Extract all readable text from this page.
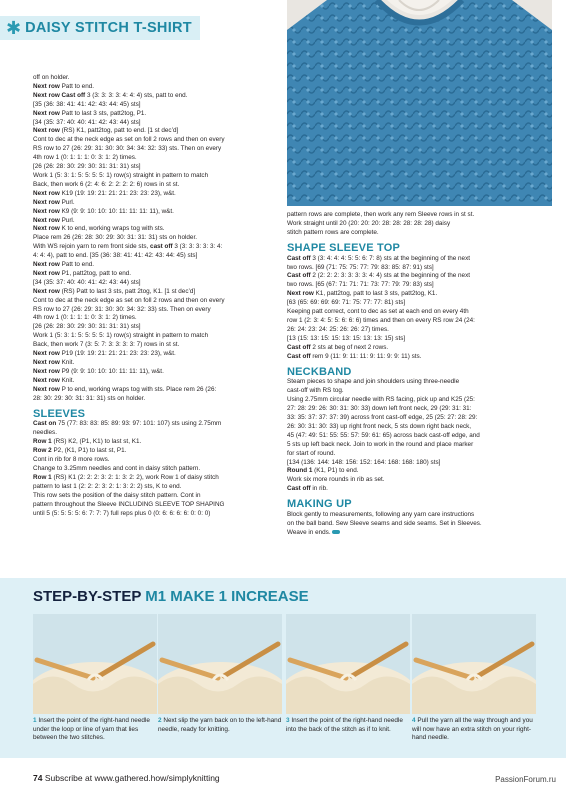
✱ DAISY STITCH T-SHIRT

off on holder.

Next row Patt to end.

Next row Cast off 3 (3: 3: 3: 3: 4: 4: 4) sts, patt to end.

[35 (36: 38: 41: 41: 42: 43: 44: 45) sts]

Next row Patt to last 3 sts, patt2tog, P1.

[34 (35: 37: 40: 40: 41: 42: 43: 44) sts]

Next row (RS) K1, patt2tog, patt to end. [1 st dec’d]

Cont to dec at the neck edge as set on foll 2 rows and then on every

RS row to 27 (26: 29: 31: 30: 30: 34: 34: 32: 33) sts. Then on every

4th row 1 (0: 1: 1: 1: 0: 3: 1: 2) times.

[26 (26: 28: 30: 29: 30: 31: 31: 31) sts]

Work 1 (5: 3: 1: 5: 5: 5: 5: 1) row(s) straight in pattern to match

Back, then work 6 (2: 4: 6: 2: 2: 2: 2: 6) rows in st st.

Next row K19 (19: 19: 21: 21: 21: 23: 23: 23), w&t.

Next row Purl.

Next row K9 (9: 9: 10: 10: 10: 11: 11: 11: 11), w&t.

Next row Purl.

Next row K to end, working wraps tog with sts.

Place rem 26 (26: 28: 30: 29: 30: 31: 31: 31) sts on holder.

With WS rejoin yarn to rem front side sts, cast off 3 (3: 3: 3: 3: 3: 4:

4: 4: 4), patt to end. [35 (36: 38: 41: 41: 42: 43: 44: 45) sts]

Next row Patt to end.

Next row P1, patt2tog, patt to end.

[34 (35: 37: 40: 40: 41: 42: 43: 44) sts]

Next row (RS) Patt to last 3 sts, patt 2tog, K1. [1 st dec’d]

Cont to dec at the neck edge as set on foll 2 rows and then on every

RS row to 27 (26: 29: 31: 30: 30: 34: 32: 33) sts. Then on every

4th row 1 (0: 1: 1: 1: 0: 3: 1: 2) times.

[26 (26: 28: 30: 29: 30: 31: 31: 31) sts]

Work 1 (5: 3: 1: 5: 5: 5: 5: 1) row(s) straight in pattern to match

Back, then work 7 (3: 5: 7: 3: 3: 3: 3: 7) rows in st st.

Next row P19 (19: 19: 21: 21: 21: 23: 23: 23), w&t.

Next row Knit.

Next row P9 (9: 9: 10: 10: 10: 11: 11: 11), w&t.

Next row Knit.

Next row P to end, working wraps tog with sts. Place rem 26 (26:

28: 30: 29: 30: 31: 31: 31) sts on holder.

SLEEVES

Cast on 75 (77: 83: 83: 85: 89: 93: 97: 101: 107) sts using 2.75mm

needles.

Row 1 (RS) K2, (P1, K1) to last st, K1.

Row 2 P2, (K1, P1) to last st, P1.

Cont in rib for 8 more rows.

Change to 3.25mm needles and cont in daisy stitch pattern.

Row 1 (RS) K1 (2: 2: 2: 3: 2: 1: 3: 2: 2), work Row 1 of daisy stitch

pattern to last 1 (2: 2: 2: 3: 2: 1: 3: 2: 2) sts, K to end.

This row sets the position of the daisy stitch pattern. Cont in

pattern throughout the Sleeve INCLUDING SLEEVE TOP SHAPING

until 5 (5: 5: 5: 5: 6: 7: 7: 7) full reps plus 0 (0: 6: 6: 6: 6: 0: 0: 0)

pattern rows are complete, then work any rem Sleeve rows in st st.

Work straight until 20 (20: 20: 20: 28: 28: 28: 28: 28) daisy

stitch pattern rows are complete.

SHAPE SLEEVE TOP

Cast off 3 (3: 4: 4: 4: 5: 5: 6: 7: 8) sts at the beginning of the next

two rows. [69 (71: 75: 75: 77: 79: 83: 85: 87: 91) sts]

Cast off 2 (2: 2: 2: 3: 3: 3: 3: 4: 4) sts at the beginning of the next

two rows. [65 (67: 71: 71: 71: 73: 77: 79: 79: 83) sts]

Next row K1, patt2tog, patt to last 3 sts, patt2tog, K1.

[63 (65: 69: 69: 69: 71: 75: 77: 77: 81) sts]

Keeping patt correct, cont to dec as set at each end on every 4th

row 1 (2: 3: 4: 5: 5: 6: 6: 6) times and then on every RS row 24 (24:

26: 24: 23: 24: 25: 26: 26: 27) times.

[13 (15: 13: 15: 15: 13: 15: 13: 13: 15) sts]

Cast off 2 sts at beg of next 2 rows.

Cast off rem 9 (11: 9: 11: 11: 9: 11: 9: 9: 11) sts.

NECKBAND

Steam pieces to shape and join shoulders using three-needle

cast-off with RS tog.

Using 2.75mm circular needle with RS facing, pick up and K25 (25:

27: 28: 29: 26: 30: 31: 30: 33) down left front neck, 29 (29: 31: 31:

33: 35: 37: 37: 37: 39) across front cast-off edge, 25 (25: 27: 28: 29:

26: 30: 31: 30: 33) up right front neck, 5 sts down right back neck,

45 (47: 49: 51: 55: 55: 57: 59: 61: 65) across back cast-off edge, and

5 sts up left back neck. Join to work in the round and place marker

for start of round.

[134 (136: 144: 148: 156: 152: 164: 168: 168: 180) sts]

Round 1 (K1, P1) to end.

Work six more rounds in rib as set.

Cast off in rib.

MAKING UP

Block gently to measurements, following any yarn care instructions

on the ball band. Sew Sleeve seams and side seams. Set in Sleeves.

Weave in ends.

STEP-BY-STEP M1 MAKE 1 INCREASE
1 Insert the point of the right-hand needle under the loop or line of yarn that lies between the two stitches.
2 Next slip the yarn back on to the left-hand needle, ready for knitting.
3 Insert the point of the right-hand needle into the back of the stitch as if to knit.
4 Pull the yarn all the way through and you will now have an extra stitch on your right-hand needle.
74 Subscribe at www.gathered.how/simplyknitting	PassionForum.ru
